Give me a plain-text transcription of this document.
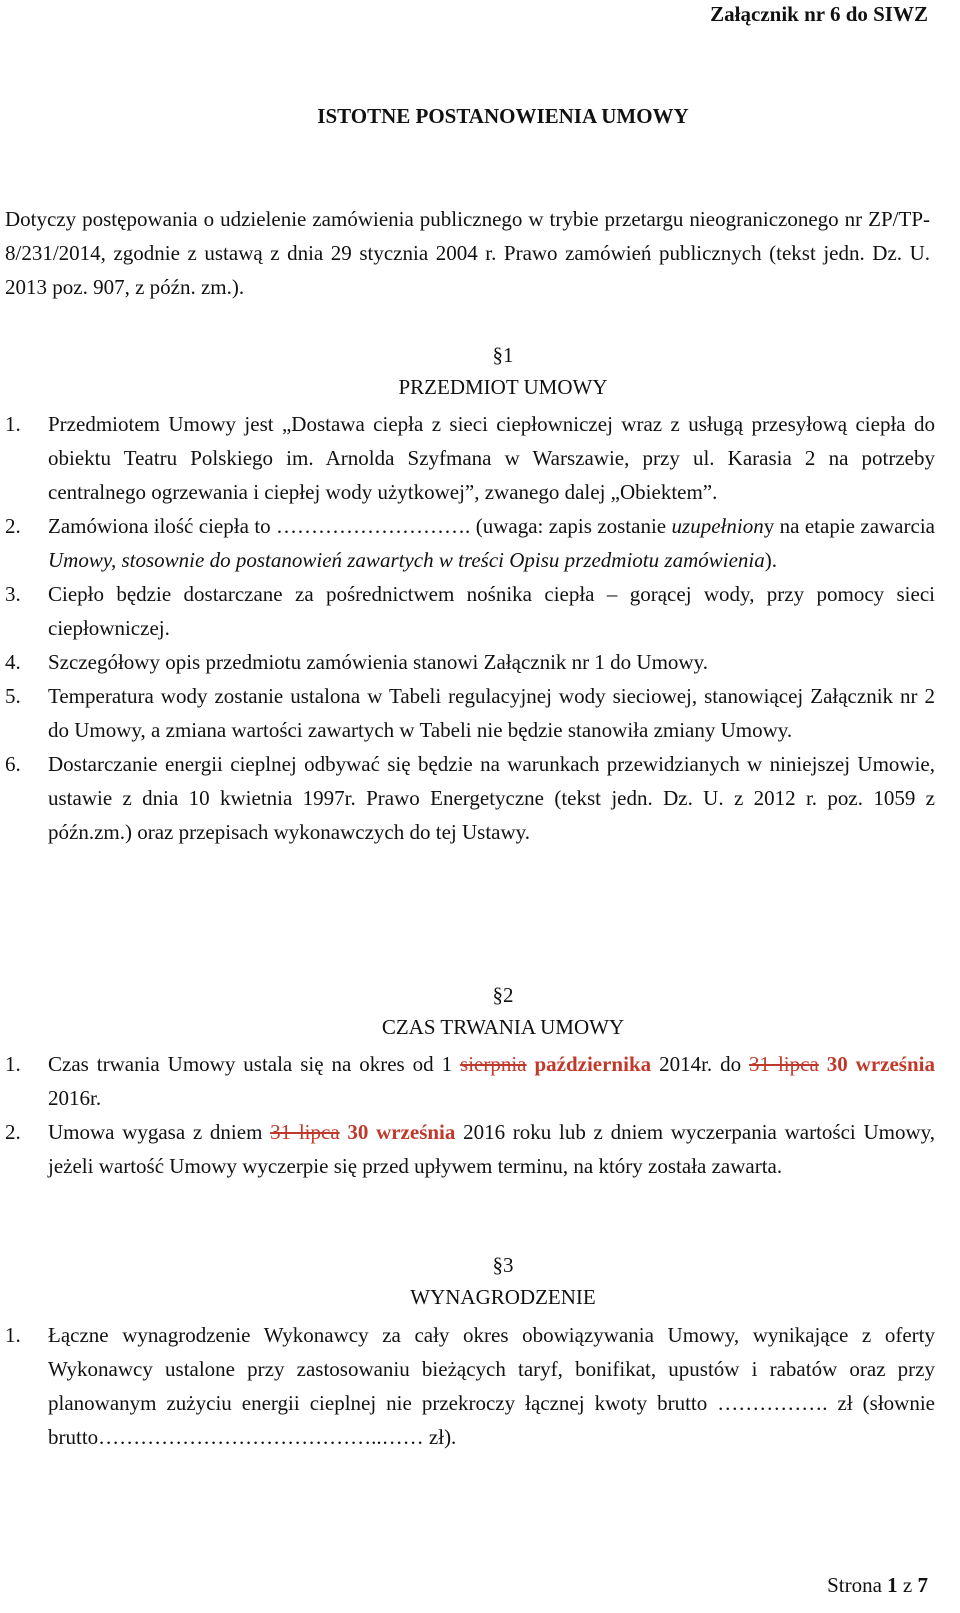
Załącznik nr 6 do SIWZ
ISTOTNE POSTANOWIENIA UMOWY
Dotyczy postępowania o udzielenie zamówienia publicznego w trybie przetargu nieograniczonego nr ZP/TP-8/231/2014, zgodnie z ustawą z dnia 29 stycznia 2004 r. Prawo zamówień publicznych (tekst jedn. Dz. U. 2013 poz. 907, z późn. zm.).
§1
PRZEDMIOT UMOWY
1. Przedmiotem Umowy jest „Dostawa ciepła z sieci ciepłowniczej wraz z usługą przesyłową ciepła do obiektu Teatru Polskiego im. Arnolda Szyfmana w Warszawie, przy ul. Karasia 2 na potrzeby centralnego ogrzewania i ciepłej wody użytkowej”, zwanego dalej „Obiektem”.
2. Zamówiona ilość ciepła to ………………………. (uwaga: zapis zostanie uzupełniony na etapie zawarcia Umowy, stosownie do postanowień zawartych w treści Opisu przedmiotu zamówienia).
3. Ciepło będzie dostarczane za pośrednictwem nośnika ciepła – gorącej wody, przy pomocy sieci ciepłowniczej.
4. Szczegółowy opis przedmiotu zamówienia stanowi Załącznik nr 1 do Umowy.
5. Temperatura wody zostanie ustalona w Tabeli regulacyjnej wody sieciowej, stanowiącej Załącznik nr 2 do Umowy, a zmiana wartości zawartych w Tabeli nie będzie stanowiła zmiany Umowy.
6. Dostarczanie energii cieplnej odbywać się będzie na warunkach przewidzianych w niniejszej Umowie, ustawie z dnia 10 kwietnia 1997r. Prawo Energetyczne (tekst jedn. Dz. U. z 2012 r. poz. 1059 z późn.zm.) oraz przepisach wykonawczych do tej Ustawy.
§2
CZAS TRWANIA UMOWY
1. Czas trwania Umowy ustala się na okres od 1 sierpnia października 2014r. do 31 lipca 30 września 2016r.
2. Umowa wygasa z dniem 31 lipca 30 września 2016 roku lub z dniem wyczerpania wartości Umowy, jeżeli wartość Umowy wyczerpie się przed upływem terminu, na który została zawarta.
§3
WYNAGRODZENIE
1. Łączne wynagrodzenie Wykonawcy za cały okres obowiązywania Umowy, wynikające z oferty Wykonawcy ustalone przy zastosowaniu bieżących taryf, bonifikat, upustów i rabatów oraz przy planowanym zużyciu energii cieplnej nie przekroczy łącznej kwoty brutto ……………. zł (słownie brutto…………………………………..…… zł).
Strona 1 z 7
